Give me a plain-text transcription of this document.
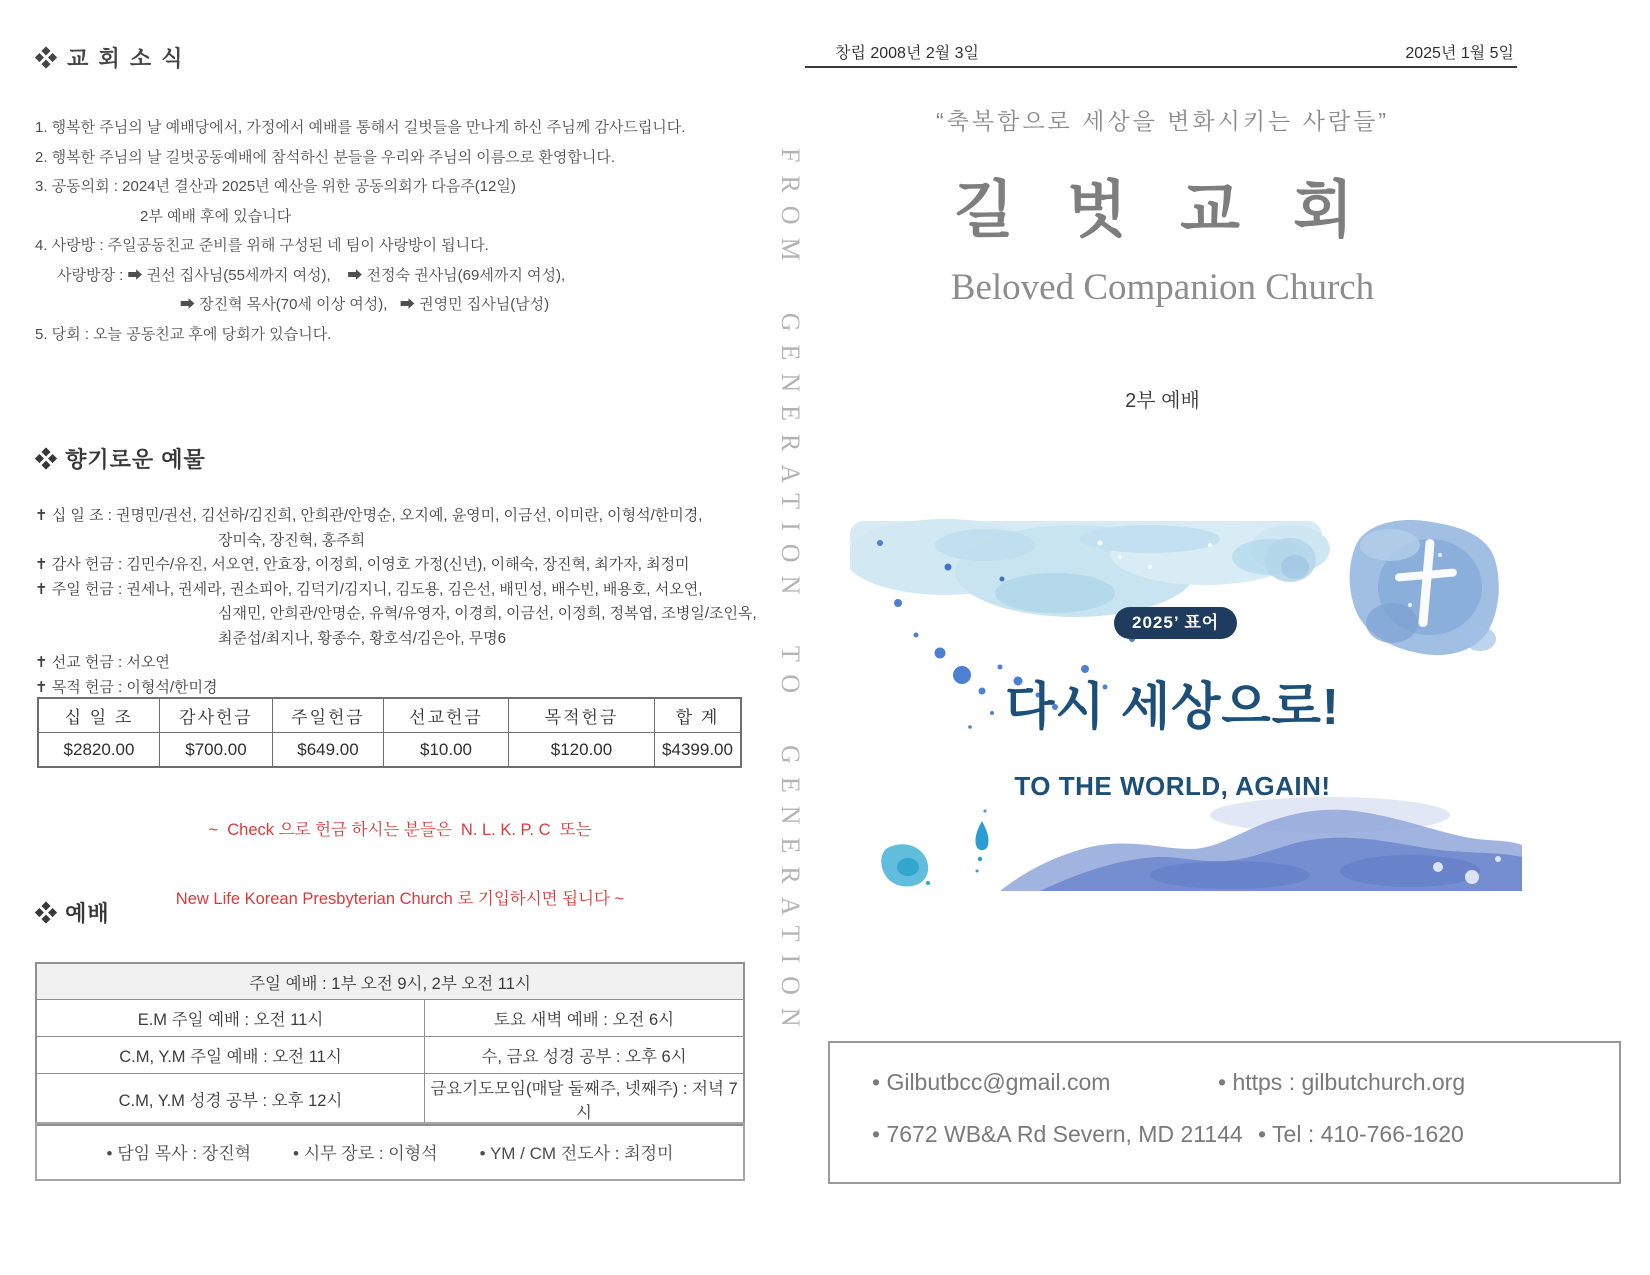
❖ 교 회 소 식
1. 행복한 주님의 날 예배당에서, 가정에서 예배를 통해서 길벗들을 만나게 하신 주님께 감사드립니다.
2. 행복한 주님의 날 길벗공동예배에 참석하신 분들을 우리와 주님의 이름으로 환영합니다.
3. 공동의회 : 2024년 결산과 2025년 예산을 위한 공동의회가 다음주(12일)
2부 예배 후에 있습니다
4. 사랑방 : 주일공동친교 준비를 위해 구성된 네 팀이 사랑방이 됩니다.
사랑방장 : ➡ 권선 집사님(55세까지 여성),    ➡ 전정숙 권사님(69세까지 여성),
➡ 장진혁 목사(70세 이상 여성),   ➡ 권영민 집사님(남성)
5. 당회 : 오늘 공동친교 후에 당회가 있습니다.
❖ 향기로운 예물
✝ 십 일 조 : 권명민/권선, 김선하/김진희, 안희관/안명순, 오지예, 윤영미, 이금선, 이미란, 이형석/한미경,
장미숙, 장진혁, 홍주희
✝ 감사 헌금 : 김민수/유진, 서오연, 안효장, 이정희, 이영호 가정(신년), 이해숙, 장진혁, 최가자, 최정미
✝ 주일 헌금 : 권세나, 권세라, 권소피아, 김덕기/김지니, 김도용, 김은선, 배민성, 배수빈, 배용호, 서오연,
심재민, 안희관/안명순, 유혁/유영자, 이경희, 이금선, 이정희, 정복엽, 조병일/조인옥,
최준섭/최지나, 황종수, 황호석/김은아, 무명6
✝ 선교 헌금 : 서오연
✝ 목적 헌금 : 이형석/한미경
십 일 조	감사헌금	주일헌금	선교헌금	목적헌금	합 계
$2820.00	$700.00	$649.00	$10.00	$120.00	$4399.00

~  Check 으로 헌금 하시는 분들은  N. L. K. P. C  또는

New Life Korean Presbyterian Church 로 기입하시면 됩니다 ~

❖ 예배
주일 예배 : 1부 오전 9시, 2부 오전 11시	
E.M 주일 예배 : 오전 11시	토요 새벽 예배 : 오전 6시
C.M, Y.M 주일 예배 : 오전 11시	수, 금요 성경 공부 : 오후 6시
C.M, Y.M 성경 공부 : 오후 12시	금요기도모임(매달 둘째주, 넷째주) : 저녁 7시
• 담임 목사 : 장진혁 • 시무 장로 : 이형석 • YM / CM 전도사 : 최정미
FROM  GENERATION  TO  GENERATION
창립 2008년 2월 3일	2025년 1월 5일
“축복함으로 세상을 변화시키는 사람들”
길 벗 교 회
Beloved Companion Church
2부 예배
2025’ 표어
다시 세상으로!
TO THE WORLD, AGAIN!
• Gilbutbcc@gmail.com	• https : gilbutchurch.org
• 7672 WB&A Rd Severn, MD 21144 • Tel : 410-766-1620
